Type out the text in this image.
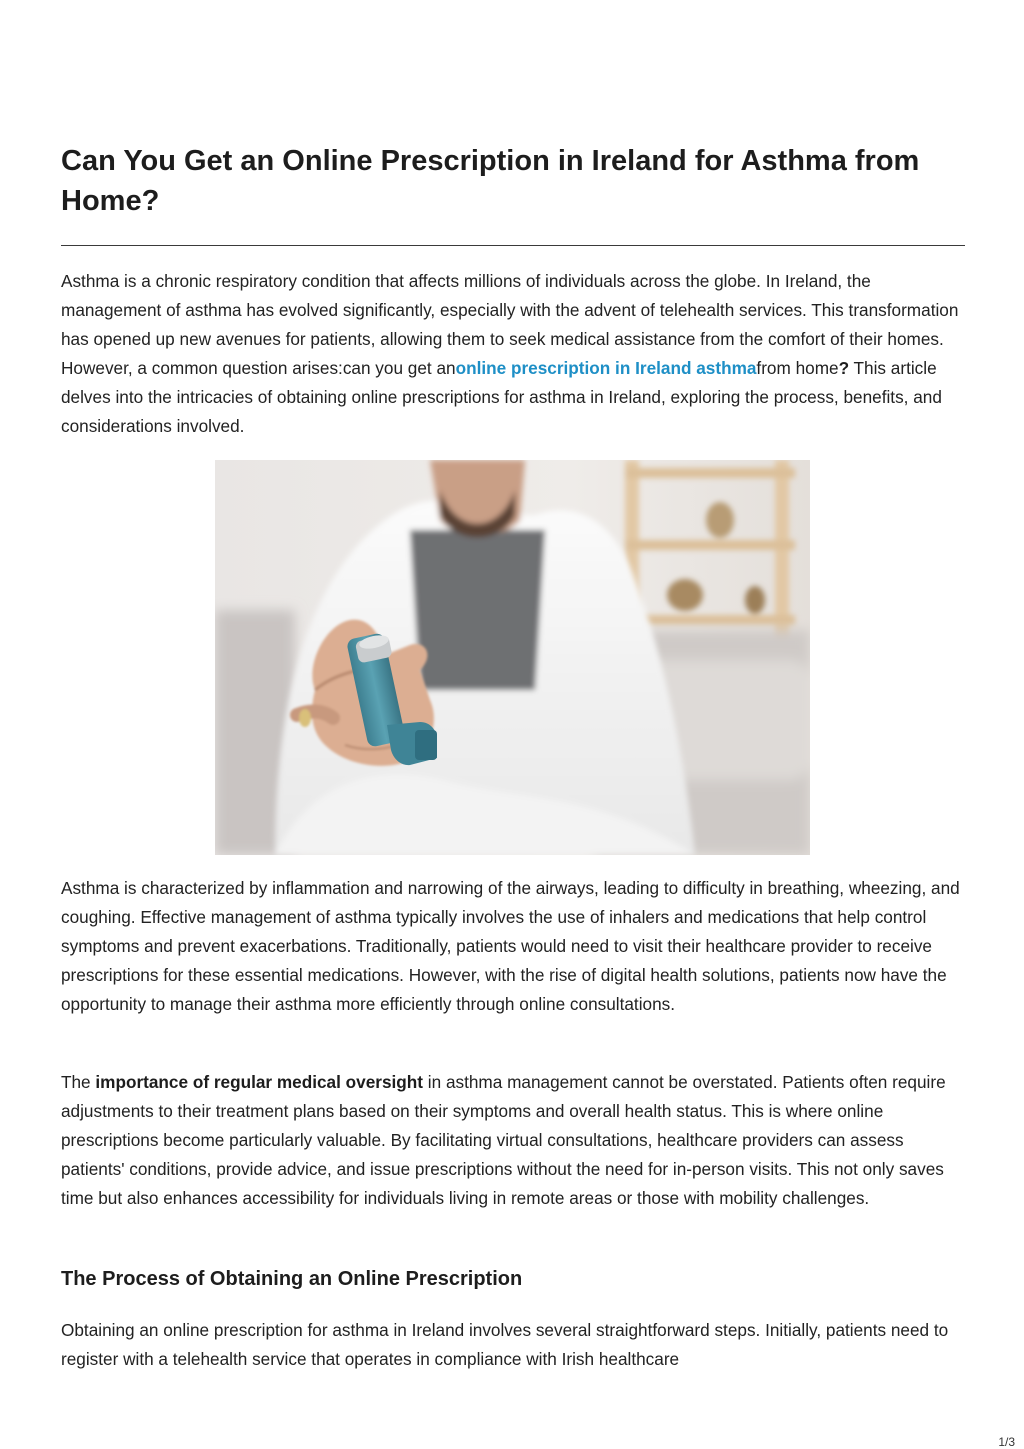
Can You Get an Online Prescription in Ireland for Asthma from Home?

Asthma is a chronic respiratory condition that affects millions of individuals across the globe. In Ireland, the management of asthma has evolved significantly, especially with the advent of telehealth services. This transformation has opened up new avenues for patients, allowing them to seek medical assistance from the comfort of their homes. However, a common question arises:can you get anonline prescription in Ireland asthmafrom home? This article delves into the intricacies of obtaining online prescriptions for asthma in Ireland, exploring the process, benefits, and considerations involved.

Asthma is characterized by inflammation and narrowing of the airways, leading to difficulty in breathing, wheezing, and coughing. Effective management of asthma typically involves the use of inhalers and medications that help control symptoms and prevent exacerbations. Traditionally, patients would need to visit their healthcare provider to receive prescriptions for these essential medications. However, with the rise of digital health solutions, patients now have the opportunity to manage their asthma more efficiently through online consultations.

The importance of regular medical oversight in asthma management cannot be overstated. Patients often require adjustments to their treatment plans based on their symptoms and overall health status. This is where online prescriptions become particularly valuable. By facilitating virtual consultations, healthcare providers can assess patients' conditions, provide advice, and issue prescriptions without the need for in-person visits. This not only saves time but also enhances accessibility for individuals living in remote areas or those with mobility challenges.

The Process of Obtaining an Online Prescription

Obtaining an online prescription for asthma in Ireland involves several straightforward steps. Initially, patients need to register with a telehealth service that operates in compliance with Irish healthcare

1/3
